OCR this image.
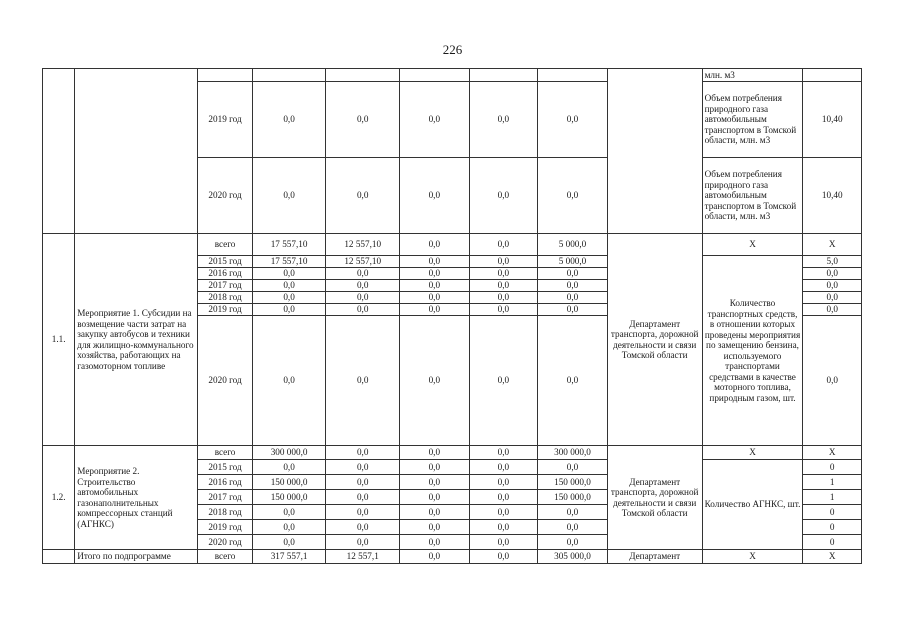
226
									млн. м3	
		2019 год	0,0	0,0	0,0	0,0	0,0		Объем потребления природного газа автомобильным транспортом в Томской области, млн. м3	10,40
		2020 год	0,0	0,0	0,0	0,0	0,0		Объем потребления природного газа автомобильным транспортом в Томской области, млн. м3	10,40
1.1.	Мероприятие 1. Субсидии на возмещение части затрат на закупку автобусов и техники для жилищно-коммунального хозяйства, работающих на газомоторном топливе	всего	17 557,10	12 557,10	0,0	0,0	5 000,0	Департамент транспорта, дорожной деятельности и связи Томской области	X	X
		2015 год	17 557,10	12 557,10	0,0	0,0	5 000,0		Количество транспортных средств, в отношении которых проведены мероприятия по замещению бензина, используемого транспортами средствами в качестве моторного топлива, природным газом, шт.	5,0
		2016 год	0,0	0,0	0,0	0,0	0,0			0,0
		2017 год	0,0	0,0	0,0	0,0	0,0			0,0
		2018 год	0,0	0,0	0,0	0,0	0,0			0,0
		2019 год	0,0	0,0	0,0	0,0	0,0			0,0
		2020 год	0,0	0,0	0,0	0,0	0,0			0,0
1.2.	Мероприятие 2. Строительство автомобильных газонаполнительных компрессорных станций (АГНКС)	всего	300 000,0	0,0	0,0	0,0	300 000,0	Департамент транспорта, дорожной деятельности и связи Томской области	X	X
		2015 год	0,0	0,0	0,0	0,0	0,0		Количество АГНКС, шт.	0
		2016 год	150 000,0	0,0	0,0	0,0	150 000,0			1
		2017 год	150 000,0	0,0	0,0	0,0	150 000,0			1
		2018 год	0,0	0,0	0,0	0,0	0,0			0
		2019 год	0,0	0,0	0,0	0,0	0,0			0
		2020 год	0,0	0,0	0,0	0,0	0,0			0
	Итого по подпрограмме	всего	317 557,1	12 557,1	0,0	0,0	305 000,0	Департамент	X	X
